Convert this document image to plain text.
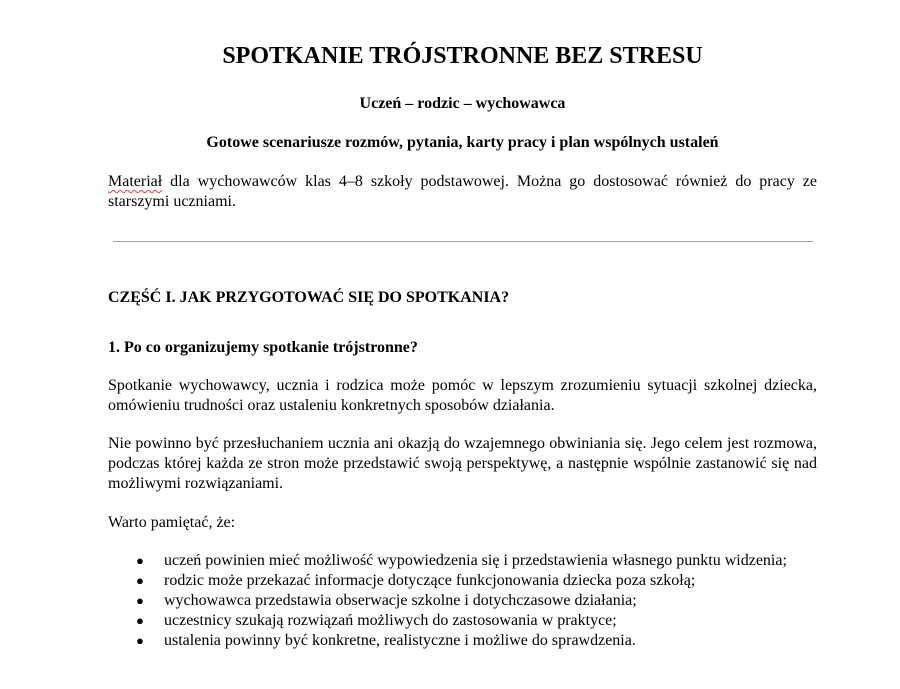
SPOTKANIE TRÓJSTRONNE BEZ STRESU

Uczeń – rodzic – wychowawca

Gotowe scenariusze rozmów, pytania, karty pracy i plan wspólnych ustaleń

Materiał dla wychowawców klas 4–8 szkoły podstawowej. Można go dostosować również do pracy ze starszymi uczniami.

CZĘŚĆ I. JAK PRZYGOTOWAĆ SIĘ DO SPOTKANIA?
1. Po co organizujemy spotkanie trójstronne?

Spotkanie wychowawcy, ucznia i rodzica może pomóc w lepszym zrozumieniu sytuacji szkolnej dziecka, omówieniu trudności oraz ustaleniu konkretnych sposobów działania.

Nie powinno być przesłuchaniem ucznia ani okazją do wzajemnego obwiniania się. Jego celem jest rozmowa, podczas której każda ze stron może przedstawić swoją perspektywę, a następnie wspólnie zastanowić się nad możliwymi rozwiązaniami.

Warto pamiętać, że:

● uczeń powinien mieć możliwość wypowiedzenia się i przedstawienia własnego punktu widzenia;
● rodzic może przekazać informacje dotyczące funkcjonowania dziecka poza szkołą;
● wychowawca przedstawia obserwacje szkolne i dotychczasowe działania;
● uczestnicy szukają rozwiązań możliwych do zastosowania w praktyce;
● ustalenia powinny być konkretne, realistyczne i możliwe do sprawdzenia.
